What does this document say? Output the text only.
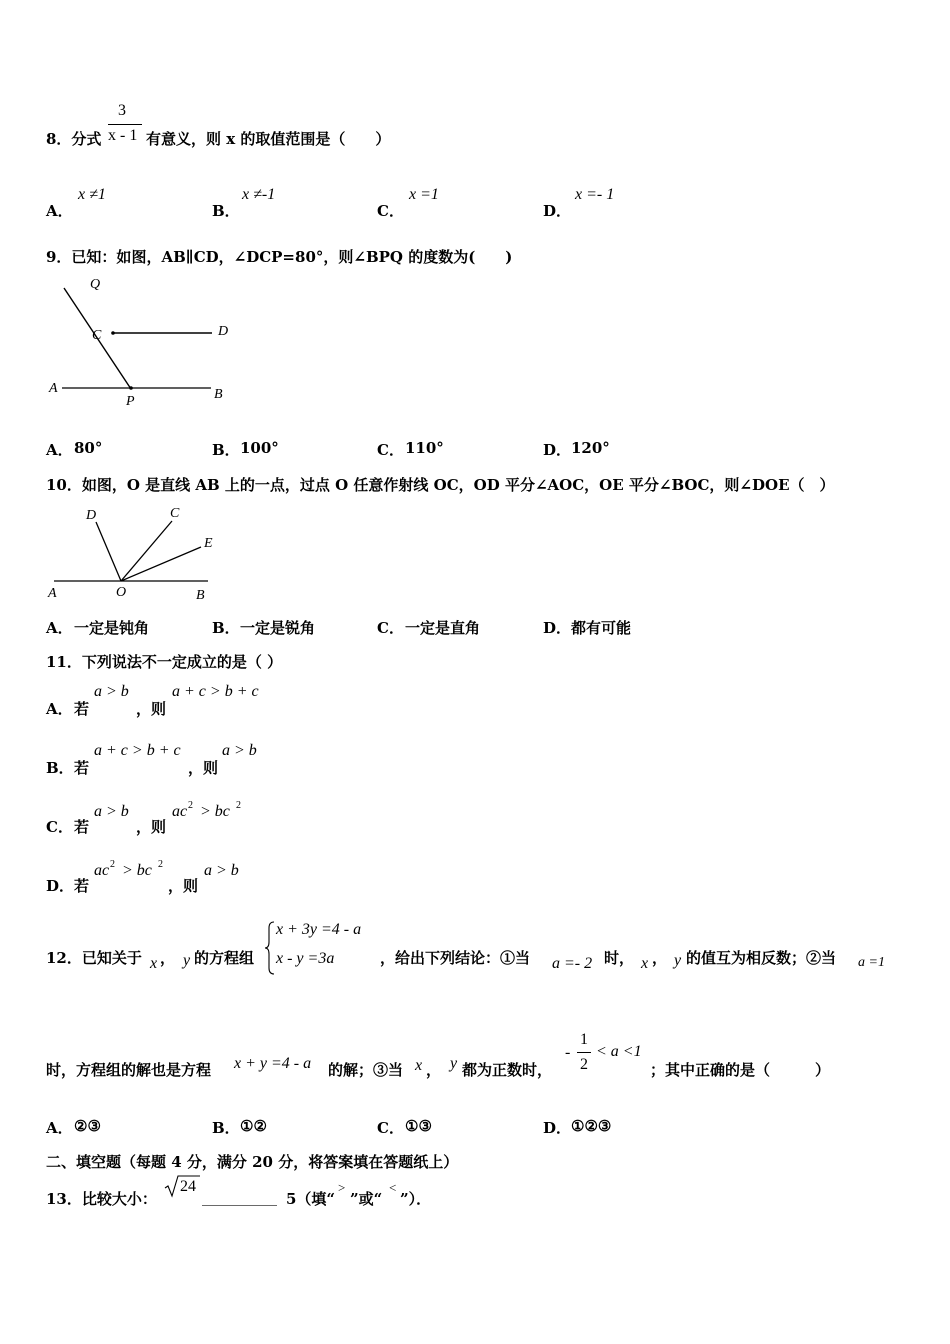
8．分式
3
x - 1 有意义，则 x 的取值范围是（　　）
A．
x ≠1
B．
x ≠-1
C．
x =1
D．
x =- 1
9．已知：如图，AB∥CD，∠DCP=80°，则∠BPQ 的度数为(　　)
Q
C	D
A
P	B
A． 80°	B． 100°	C． 110°	D． 120°
10．如图，O 是直线 AB 上的一点，过点 O 任意作射线 OC，OD 平分∠AOC，OE 平分∠BOC，则∠DOE（　）
D	C
E
A	O	B
A． 一定是钝角	B． 一定是锐角	C． 一定是直角	D． 都有可能
11．下列说法不一定成立的是（ ）
A． 若
a > b
，则
a + c > b + c
B． 若
a + c > b + c
，则
a > b
C． 若
a > b
，则
ac 2 > bc 2
D． 若
ac 2 > bc 2
，则
a > b
12．已知关于 x ， y 的方程组
x + 3y =4 - a
x - y =3a	，给出下列结论：①当 a =- 2 时， x ， y 的值互为相反数；②当 a =1
时，方程组的解也是方程 x + y =4 - a 的解；③当 x ， y 都为正数时，
-
1
2
< a <1
；其中正确的是（　　　）
A． ②③	B． ①②	C． ①③	D． ①②③
二、填空题（每题 4 分，满分 20 分，将答案填在答题纸上）
13．比较大小：
24
__________ 5（填“
>
”或“
<
”）．
